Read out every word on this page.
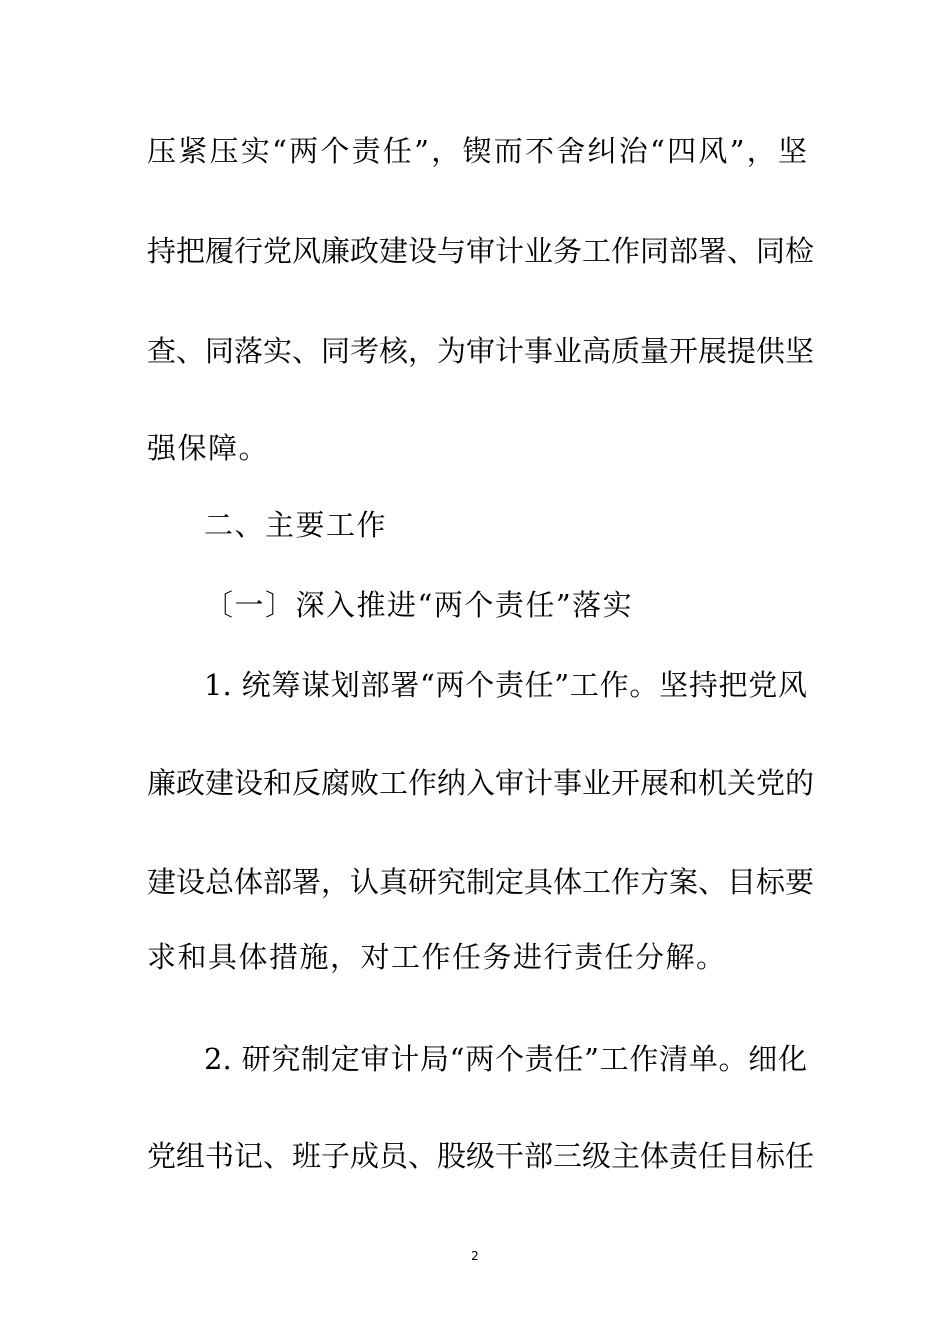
压紧压实“两个责任”，锲而不舍纠治“四风”，坚
持把履行党风廉政建设与审计业务工作同部署、同检
查、同落实、同考核，为审计事业高质量开展提供坚
强保障。
二、主要工作
〔一〕深入推进“两个责任”落实
1. 统筹谋划部署“两个责任”工作。坚持把党风
廉政建设和反腐败工作纳入审计事业开展和机关党的
建设总体部署，认真研究制定具体工作方案、目标要
求和具体措施，对工作任务进行责任分解。
2. 研究制定审计局“两个责任”工作清单。细化
党组书记、班子成员、股级干部三级主体责任目标任
2
